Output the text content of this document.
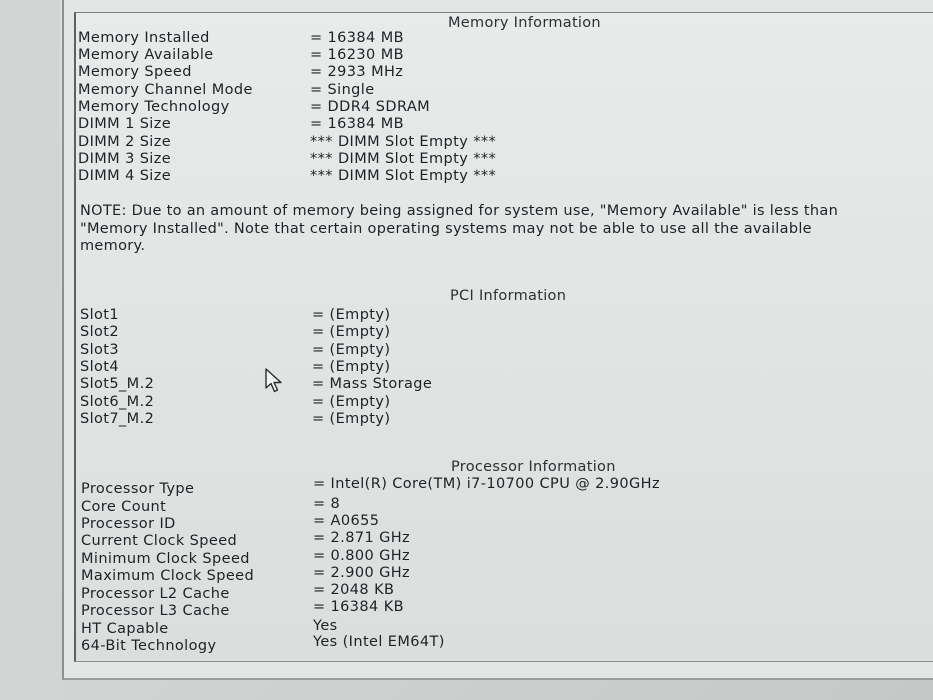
Memory Information
Memory Installed	= 16384 MB
Memory Available	= 16230 MB
Memory Speed	= 2933 MHz
Memory Channel Mode	= Single
Memory Technology	= DDR4 SDRAM
DIMM 1 Size	= 16384 MB
DIMM 2 Size	*** DIMM Slot Empty ***
DIMM 3 Size	*** DIMM Slot Empty ***
DIMM 4 Size	*** DIMM Slot Empty ***
NOTE: Due to an amount of memory being assigned for system use, "Memory Available" is less than "Memory Installed". Note that certain operating systems may not be able to use all the available memory.
PCI Information
Slot1	= (Empty)
Slot2	= (Empty)
Slot3	= (Empty)
Slot4	= (Empty)
Slot5_M.2	= Mass Storage
Slot6_M.2	= (Empty)
Slot7_M.2	= (Empty)
Processor Information
Processor Type	= Intel(R) Core(TM) i7-10700 CPU @ 2.90GHz
Core Count	= 8
Processor ID	= A0655
Current Clock Speed	= 2.871 GHz
Minimum Clock Speed	= 0.800 GHz
Maximum Clock Speed	= 2.900 GHz
Processor L2 Cache	= 2048 KB
Processor L3 Cache	= 16384 KB
HT Capable	Yes
64-Bit Technology	Yes (Intel EM64T)
